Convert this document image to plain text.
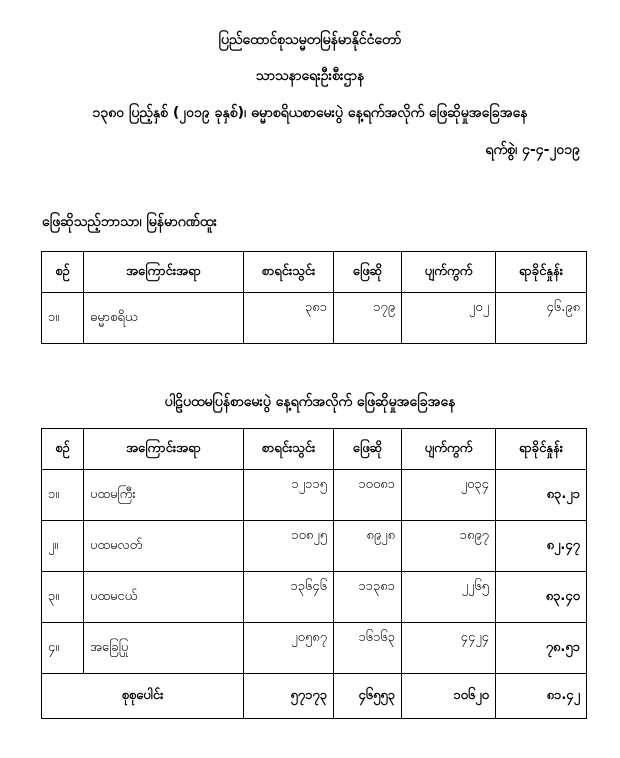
ပြည်ထောင်စုသမ္မတမြန်မာနိုင်ငံတော်
သာသနာရေးဦးစီးဌာန
၁၃၈၀ ပြည့်နှစ် (၂၀၁၉ ခုနှစ်)၊ ဓမ္မာစရိယစာမေးပွဲ နေ့ရက်အလိုက် ဖြေဆိုမှုအခြေအနေ
ရက်စွဲ၊ ၄-၄-၂၀၁၉
ဖြေဆိုသည့်ဘာသာ၊ မြန်မာဂဏ်ထူး
စဉ်	အကြောင်းအရာ	စာရင်းသွင်း	ဖြေဆို	ပျက်ကွက်	ရာခိုင်နှုန်း
၁။	ဓမ္မာစရိယ	၃၈၁	၁၇၉	၂၀၂	၄၆.၉၈
ပါဠိပထမပြန်စာမေးပွဲ နေ့ရက်အလိုက် ဖြေဆိုမှုအခြေအနေ
စဉ်	အကြောင်းအရာ	စာရင်းသွင်း	ဖြေဆို	ပျက်ကွက်	ရာခိုင်နှုန်း
၁။	ပထမကြီး	၁၂၁၁၅	၁၀၀၈၁	၂၀၃၄	၈၃.၂၁
၂။	ပထမလတ်	၁၀၈၂၅	၈၉၂၈	၁၈၉၇	၈၂.၄၇
၃။	ပထမငယ်	၁၃၆၄၆	၁၁၃၈၁	၂၂၆၅	၈၃.၄၀
၄။	အခြေပြု	၂၀၅၈၇	၁၆၁၆၃	၄၄၂၄	၇၈.၅၁
စုစုပေါင်း		၅၇၁၇၃	၄၆၅၅၃	၁၀၆၂၀	၈၁.၄၂
